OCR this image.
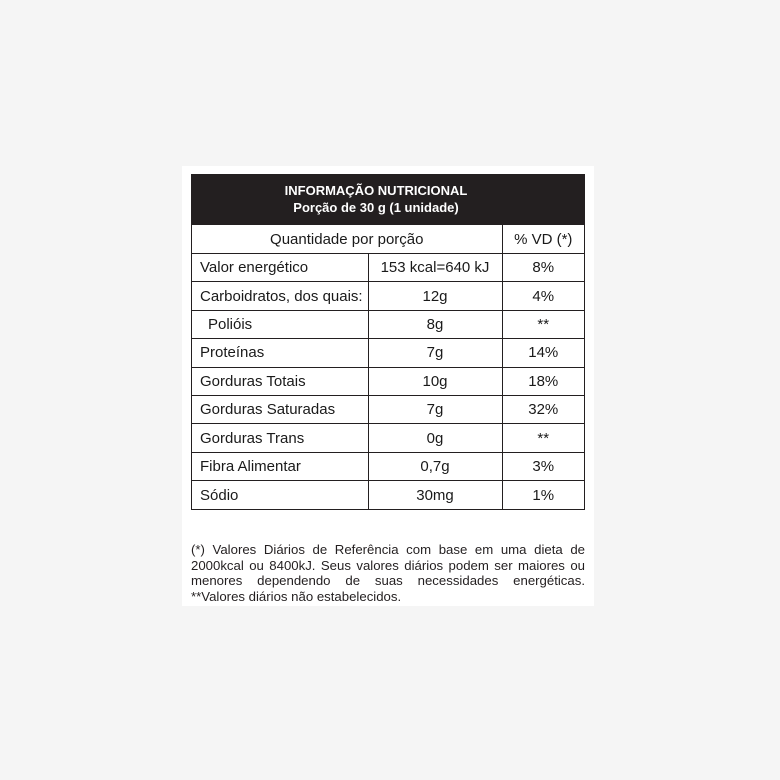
INFORMAÇÃO NUTRICIONAL
Porção de 30 g (1 unidade)
Quantidade por porção		% VD (*)
Valor energético	153 kcal=640 kJ	8%
Carboidratos, dos quais:	12g	4%
Polióis	8g	**
Proteínas	7g	14%
Gorduras Totais	10g	18%
Gorduras Saturadas	7g	32%
Gorduras Trans	0g	**
Fibra Alimentar	0,7g	3%
Sódio	30mg	1%

(*) Valores Diários de Referência com base em uma dieta de 2000kcal ou 8400kJ. Seus valores diários podem ser maiores ou menores dependendo de suas necessidades energéticas. **Valores diários não estabelecidos.
